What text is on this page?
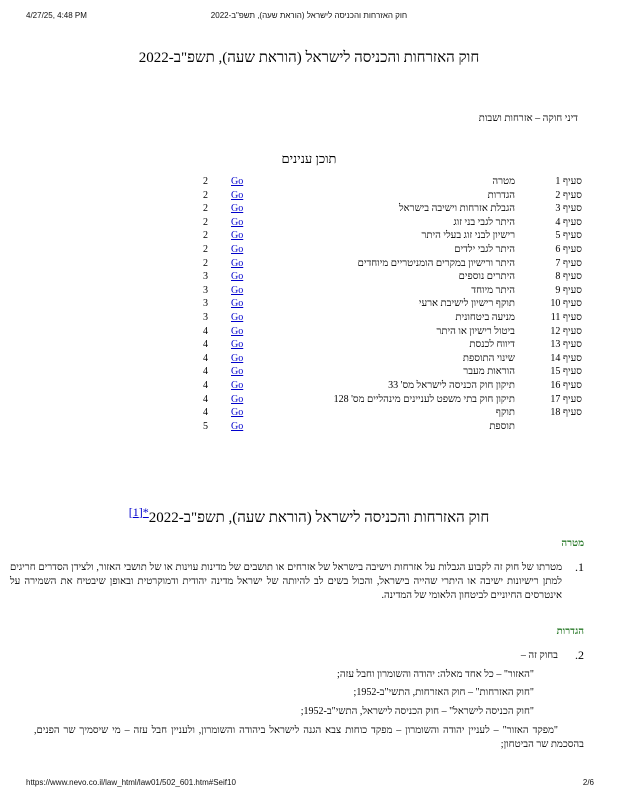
4/27/25, 4:48 PM	חוק האזרחות והכניסה לישראל (הוראת שעה), תשפ"ב-2022
חוק האזרחות והכניסה לישראל (הוראת שעה), תשפ"ב-2022
דיני חוקה – אזרחות ושבות
תוכן ענינים
סעיף 1
מטרה
Go
2
סעיף 2
הגדרות
Go
2
סעיף 3
הגבלת אזרחות וישיבה בישראל
Go
2
סעיף 4
היתר לגבי בני זוג
Go
2
סעיף 5
רישיון לבני זוג בעלי היתר
Go
2
סעיף 6
היתר לגבי ילדים
Go
2
סעיף 7
היתר ורישיון במקרים הומניטריים מיוחדים
Go
2
סעיף 8
היתרים נוספים
Go
3
סעיף 9
היתר מיוחד
Go
3
סעיף 10
תוקף רישיון לישיבת ארעי
Go
3
סעיף 11
מניעה ביטחונית
Go
3
סעיף 12
ביטול רישיון או היתר
Go
4
סעיף 13
דיווח לכנסת
Go
4
סעיף 14
שינוי התוספת
Go
4
סעיף 15
הוראות מעבר
Go
4
סעיף 16
תיקון חוק הכניסה לישראל מס' 33
Go
4
סעיף 17
תיקון חוק בתי משפט לעניינים מינהליים מס' 128
Go
4
סעיף 18
תוקף
Go
4
תוספת
Go
5
חוק האזרחות והכניסה לישראל (הוראת שעה), תשפ"ב-2022$^{*[1]}$
מטרה
1.
מטרתו של חוק זה לקבוע הגבלות על אזרחות וישיבה בישראל של אזרחים או תושבים של מדינות עוינות או של תושבי האזור, ולצידן הסדרים חריגים למתן רישיונות ישיבה או היתרי שהייה בישראל, והכול בשים לב להיותה של ישראל מדינה יהודית ודמוקרטית ובאופן שיבטיח את השמירה על אינטרסים החיוניים לביטחון הלאומי של המדינה.
הגדרות
2.
בחוק זה –
"האזור" – כל אחד מאלה: יהודה והשומרון וחבל עזה;
"חוק האזרחות" – חוק האזרחות, התשי"ב-1952;
"חוק הכניסה לישראל" – חוק הכניסה לישראל, התשי"ב-1952;
"מפקד האזור" – לעניין יהודה והשומרון – מפקד כוחות צבא הגנה לישראל ביהודה והשומרון, ולעניין חבל עזה – מי שיסמיך שר הפנים, בהסכמת שר הביטחון;
https://www.nevo.co.il/law_html/law01/502_601.htm#Seif10	2/6
